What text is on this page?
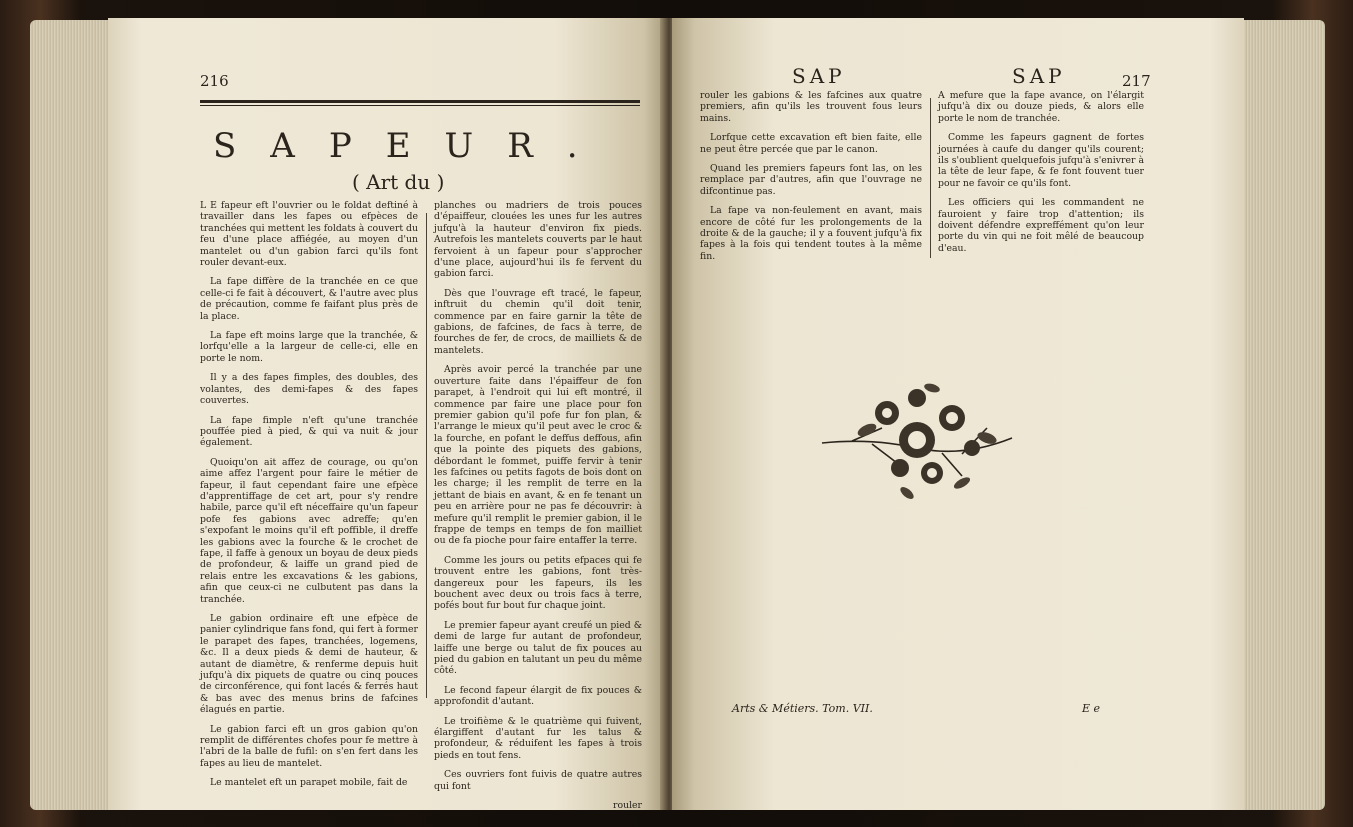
216
SAPEUR.
( Art du )

L E fapeur eft l'ouvrier ou le foldat deftiné à travailler dans les fapes ou efpèces de tranchées qui mettent les foldats à couvert du feu d'une place affiégée, au moyen d'un mantelet ou d'un gabion farci qu'ils font rouler devant-eux.

La fape diffère de la tranchée en ce que celle-ci fe fait à découvert, & l'autre avec plus de précaution, comme fe faifant plus près de la place.

La fape eft moins large que la tranchée, & lorfqu'elle a la largeur de celle-ci, elle en porte le nom.

Il y a des fapes fimples, des doubles, des volantes, des demi-fapes & des fapes couvertes.

La fape fimple n'eft qu'une tranchée pouffée pied à pied, & qui va nuit & jour également.

Quoiqu'on ait affez de courage, ou qu'on aime affez l'argent pour faire le métier de fapeur, il faut cependant faire une efpèce d'apprentiffage de cet art, pour s'y rendre habile, parce qu'il eft néceffaire qu'un fapeur pofe fes gabions avec adreffe; qu'en s'expofant le moins qu'il eft poffible, il dreffe les gabions avec la fourche & le crochet de fape, il faffe à genoux un boyau de deux pieds de profondeur, & laiffe un grand pied de relais entre les excavations & les gabions, afin que ceux-ci ne culbutent pas dans la tranchée.

Le gabion ordinaire eft une efpèce de panier cylindrique fans fond, qui fert à former le parapet des fapes, tranchées, logemens, &c. Il a deux pieds & demi de hauteur, & autant de diamètre, & renferme depuis huit jufqu'à dix piquets de quatre ou cinq pouces de circonférence, qui font lacés & ferrés haut & bas avec des menus brins de fafcines élagués en partie.

Le gabion farci eft un gros gabion qu'on remplit de différentes chofes pour fe mettre à l'abri de la balle de fufil: on s'en fert dans les fapes au lieu de mantelet.

Le mantelet eft un parapet mobile, fait de

planches ou madriers de trois pouces d'épaiffeur, clouées les unes fur les autres jufqu'à la hauteur d'environ fix pieds. Autrefois les mantelets couverts par le haut fervoient à un fapeur pour s'approcher d'une place, aujourd'hui ils fe fervent du gabion farci.

Dès que l'ouvrage eft tracé, le fapeur, inftruit du chemin qu'il doit tenir, commence par en faire garnir la tête de gabions, de fafcines, de facs à terre, de fourches de fer, de crocs, de mailliets & de mantelets.

Après avoir percé la tranchée par une ouverture faite dans l'épaiffeur de fon parapet, à l'endroit qui lui eft montré, il commence par faire une place pour fon premier gabion qu'il pofe fur fon plan, & l'arrange le mieux qu'il peut avec le croc & la fourche, en pofant le deffus deffous, afin que la pointe des piquets des gabions, débordant le fommet, puiffe fervir à tenir les fafcines ou petits fagots de bois dont on les charge; il les remplit de terre en la jettant de biais en avant, & en fe tenant un peu en arrière pour ne pas fe découvrir: à mefure qu'il remplit le premier gabion, il le frappe de temps en temps de fon mailliet ou de fa pioche pour faire entaffer la terre.

Comme les jours ou petits efpaces qui fe trouvent entre les gabions, font très-dangereux pour les fapeurs, ils les bouchent avec deux ou trois facs à terre, pofés bout fur bout fur chaque joint.

Le premier fapeur ayant creufé un pied & demi de large fur autant de profondeur, laiffe une berge ou talut de fix pouces au pied du gabion en talutant un peu du même côté.

Le fecond fapeur élargit de fix pouces & approfondit d'autant.

Le troifième & le quatrième qui fuivent, élargiffent d'autant fur les talus & profondeur, & réduifent les fapes à trois pieds en tout fens.

Ces ouvriers font fuivis de quatre autres qui font

rouler

SAP	SAP	217

rouler les gabions & les fafcines aux quatre premiers, afin qu'ils les trouvent fous leurs mains.

Lorfque cette excavation eft bien faite, elle ne peut être percée que par le canon.

Quand les premiers fapeurs font las, on les remplace par d'autres, afin que l'ouvrage ne difcontinue pas.

La fape va non-feulement en avant, mais encore de côté fur les prolongements de la droite & de la gauche; il y a fouvent jufqu'à fix fapes à la fois qui tendent toutes à la même fin.

A mefure que la fape avance, on l'élargit jufqu'à dix ou douze pieds, & alors elle porte le nom de tranchée.

Comme les fapeurs gagnent de fortes journées à caufe du danger qu'ils courent; ils s'oublient quelquefois jufqu'à s'enivrer à la tête de leur fape, & fe font fouvent tuer pour ne favoir ce qu'ils font.

Les officiers qui les commandent ne fauroient y faire trop d'attention; ils doivent défendre expreffément qu'on leur porte du vin qui ne foit mêlé de beaucoup d'eau.

Arts & Métiers. Tom. VII.	E e
